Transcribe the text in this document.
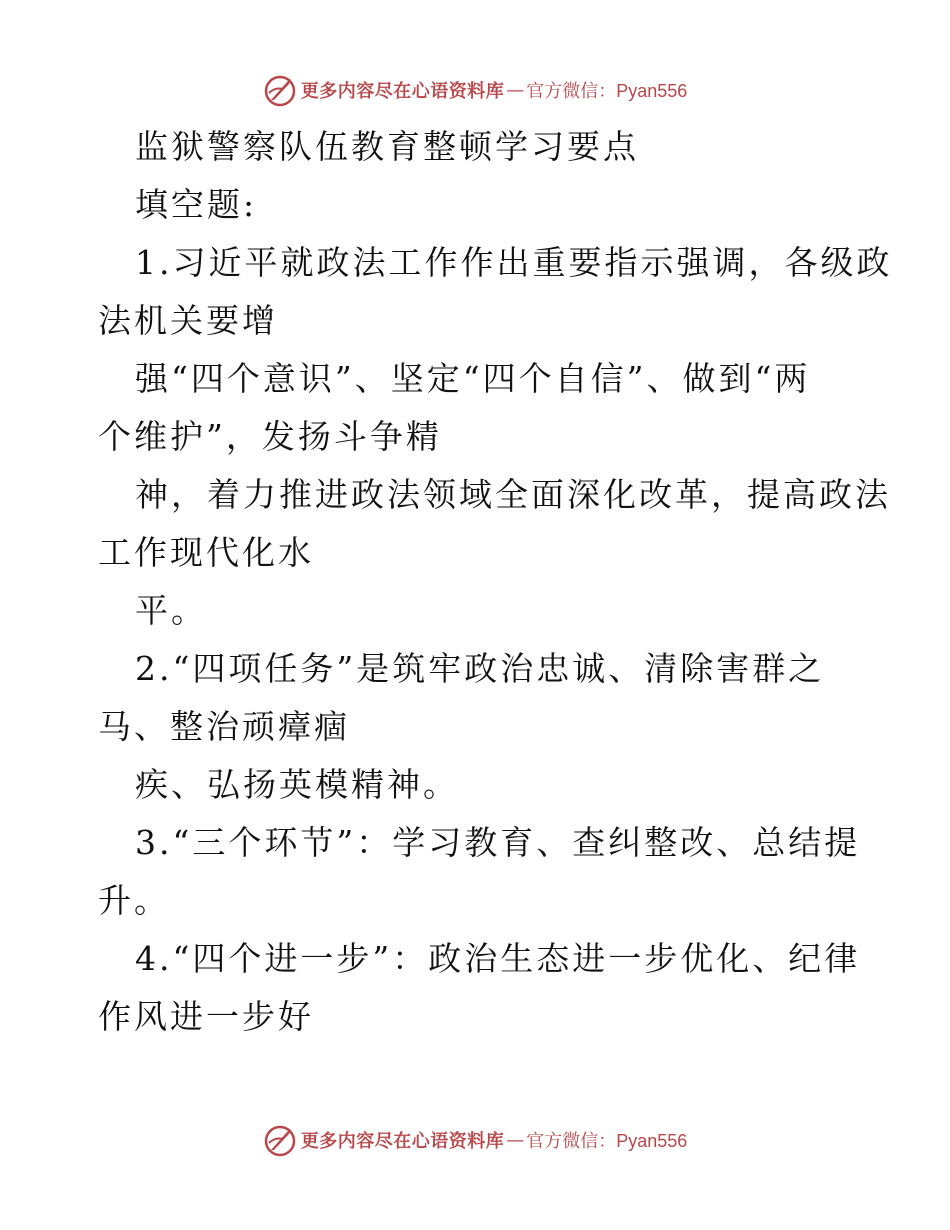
更多内容尽在心语资料库 — 官方微信：Pyan556
监狱警察队伍教育整顿学习要点
填空题:
1.习近平就政法工作作出重要指示强调，各级政
法机关要增
强“四个意识”、坚定“四个自信”、做到“两
个维护”，发扬斗争精
神，着力推进政法领域全面深化改革，提高政法
工作现代化水
平。
2.“四项任务”是筑牢政治忠诚、清除害群之
马、整治顽瘴痼
疾、弘扬英模精神。
3.“三个环节”：学习教育、查纠整改、总结提
升。
4.“四个进一步”：政治生态进一步优化、纪律
作风进一步好
更多内容尽在心语资料库 — 官方微信：Pyan556
